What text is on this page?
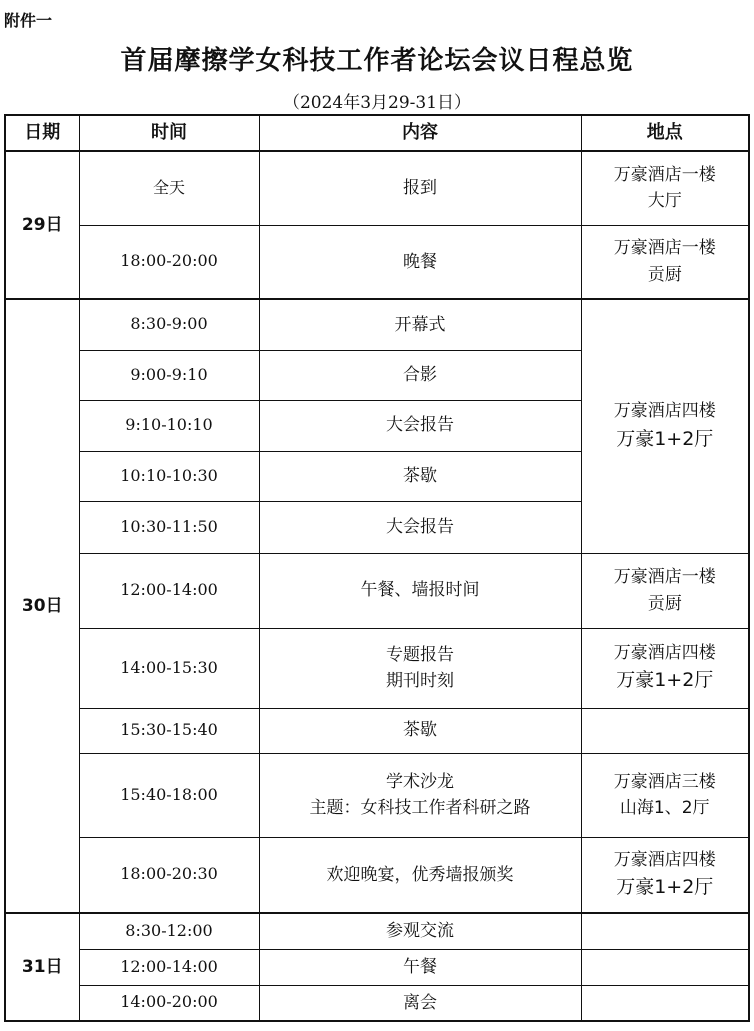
附件一
首届摩擦学女科技工作者论坛会议日程总览
（2024年3月29-31日）
日期	时间	内容	地点
29日	全天	报到	万豪酒店一楼
大厅

	18:00-20:00	晚餐	万豪酒店一楼
贡厨

30日	8:30-9:00	开幕式	万豪酒店四楼
万豪1+2厅

	9:00-9:10	合影	

	9:10-10:10	大会报告	

	10:10-10:30	茶歇	

	10:30-11:50	大会报告	

	12:00-14:00	午餐、墙报时间	万豪酒店一楼
贡厨

	14:00-15:30	专题报告
期刊时刻	万豪酒店四楼
万豪1+2厅

	15:30-15:40	茶歇	

	15:40-18:00	学术沙龙
主题：女科技工作者科研之路	万豪酒店三楼
山海1、2厅

	18:00-20:30	欢迎晚宴，优秀墙报颁奖	万豪酒店四楼
万豪1+2厅

31日	8:30-12:00	参观交流	

	12:00-14:00	午餐	

	14:00-20:00	离会	
